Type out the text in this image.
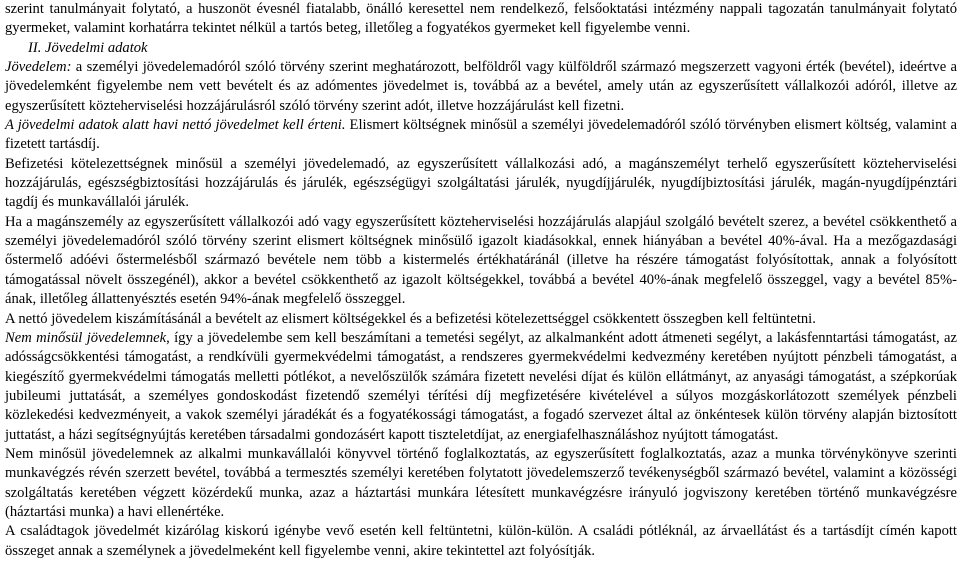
szerint tanulmányait folytató, a huszonöt évesnél fiatalabb, önálló keresettel nem rendelkező, felsőoktatási intézmény nappali tagozatán tanulmányait folytató gyermeket, valamint korhatárra tekintet nélkül a tartós beteg, illetőleg a fogyatékos gyermeket kell figyelembe venni.

II. Jövedelmi adatok

Jövedelem: a személyi jövedelemadóról szóló törvény szerint meghatározott, belföldről vagy külföldről származó megszerzett vagyoni érték (bevétel), ideértve a jövedelemként figyelembe nem vett bevételt és az adómentes jövedelmet is, továbbá az a bevétel, amely után az egyszerűsített vállalkozói adóról, illetve az egyszerűsített közteherviselési hozzájárulásról szóló törvény szerint adót, illetve hozzájárulást kell fizetni.

A jövedelmi adatok alatt havi nettó jövedelmet kell érteni. Elismert költségnek minősül a személyi jövedelemadóról szóló törvényben elismert költség, valamint a fizetett tartásdíj.

Befizetési kötelezettségnek minősül a személyi jövedelemadó, az egyszerűsített vállalkozási adó, a magánszemélyt terhelő egyszerűsített közteherviselési hozzájárulás, egészségbiztosítási hozzájárulás és járulék, egészségügyi szolgáltatási járulék, nyugdíjjárulék, nyugdíjbiztosítási járulék, magán-nyugdíjpénztári tagdíj és munkavállalói járulék.

Ha a magánszemély az egyszerűsített vállalkozói adó vagy egyszerűsített közteherviselési hozzájárulás alapjául szolgáló bevételt szerez, a bevétel csökkenthető a személyi jövedelemadóról szóló törvény szerint elismert költségnek minősülő igazolt kiadásokkal, ennek hiányában a bevétel 40%-ával. Ha a mezőgazdasági őstermelő adóévi őstermelésből származó bevétele nem több a kistermelés értékhatáránál (illetve ha részére támogatást folyósítottak, annak a folyósított támogatással növelt összegénél), akkor a bevétel csökkenthető az igazolt költségekkel, továbbá a bevétel 40%-ának megfelelő összeggel, vagy a bevétel 85%-ának, illetőleg állattenyésztés esetén 94%-ának megfelelő összeggel.

A nettó jövedelem kiszámításánál a bevételt az elismert költségekkel és a befizetési kötelezettséggel csökkentett összegben kell feltüntetni.

Nem minősül jövedelemnek, így a jövedelembe sem kell beszámítani a temetési segélyt, az alkalmanként adott átmeneti segélyt, a lakásfenntartási támogatást, az adósságcsökkentési támogatást, a rendkívüli gyermekvédelmi támogatást, a rendszeres gyermekvédelmi kedvezmény keretében nyújtott pénzbeli támogatást, a kiegészítő gyermekvédelmi támogatás melletti pótlékot, a nevelőszülők számára fizetett nevelési díjat és külön ellátmányt, az anyasági támogatást, a szépkorúak jubileumi juttatását, a személyes gondoskodást fizetendő személyi térítési díj megfizetésére kivételével a súlyos mozgáskorlátozott személyek pénzbeli közlekedési kedvezményeit, a vakok személyi járadékát és a fogyatékossági támogatást, a fogadó szervezet által az önkéntesek külön törvény alapján biztosított juttatást, a házi segítségnyújtás keretében társadalmi gondozásért kapott tiszteletdíjat, az energiafelhasználáshoz nyújtott támogatást.

Nem minősül jövedelemnek az alkalmi munkavállalói könyvvel történő foglalkoztatás, az egyszerűsített foglalkoztatás, azaz a munka törvénykönyve szerinti munkavégzés révén szerzett bevétel, továbbá a termesztés személyi keretében folytatott jövedelemszerző tevékenységből származó bevétel, valamint a közösségi szolgáltatás keretében végzett közérdekű munka, azaz a háztartási munkára létesített munkavégzésre irányuló jogviszony keretében történő munkavégzésre (háztartási munka) a havi ellenértéke.

A családtagok jövedelmét kizárólag kiskorú igénybe vevő esetén kell feltüntetni, külön-külön. A családi pótléknál, az árvaellátást és a tartásdíjt címén kapott összeget annak a személynek a jövedelmeként kell figyelembe venni, akire tekintettel azt folyósítják.
